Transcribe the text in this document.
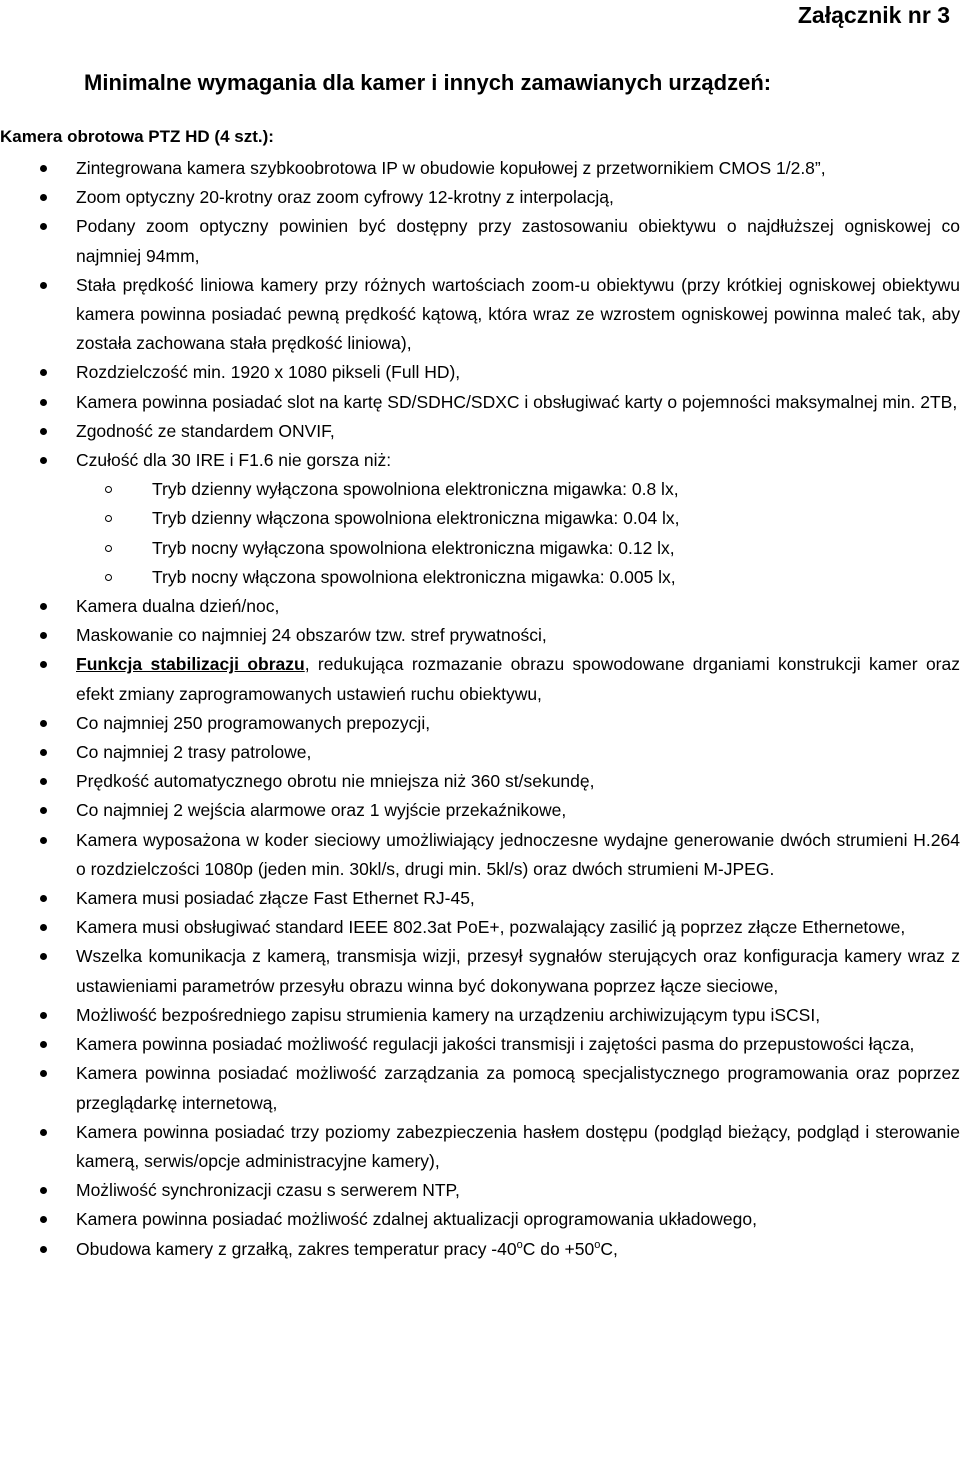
Załącznik nr 3
Minimalne wymagania dla kamer i innych zamawianych urządzeń:
Kamera obrotowa PTZ HD (4 szt.):
Zintegrowana kamera szybkoobrotowa IP w obudowie kopułowej z przetwornikiem CMOS 1/2.8”,
Zoom optyczny 20-krotny oraz zoom cyfrowy 12-krotny z interpolacją,
Podany zoom optyczny powinien być dostępny przy zastosowaniu obiektywu o najdłuższej ogniskowej co najmniej 94mm,
Stała prędkość liniowa kamery przy różnych wartościach zoom-u obiektywu (przy krótkiej ogniskowej obiektywu kamera powinna posiadać pewną prędkość kątową, która wraz ze wzrostem ogniskowej powinna maleć tak, aby została zachowana stała prędkość liniowa),
Rozdzielczość min. 1920 x 1080 pikseli (Full HD),
Kamera powinna posiadać slot na kartę SD/SDHC/SDXC i obsługiwać karty o pojemności maksymalnej min. 2TB,
Zgodność ze standardem ONVIF,
Czułość dla 30 IRE i F1.6 nie gorsza niż:
Tryb dzienny wyłączona spowolniona elektroniczna migawka: 0.8 lx,
Tryb dzienny włączona spowolniona elektroniczna migawka: 0.04 lx,
Tryb nocny wyłączona spowolniona elektroniczna migawka: 0.12 lx,
Tryb nocny włączona spowolniona elektroniczna migawka: 0.005 lx,
Kamera dualna dzień/noc,
Maskowanie co najmniej 24 obszarów tzw. stref prywatności,
Funkcja stabilizacji obrazu, redukująca rozmazanie obrazu spowodowane drganiami konstrukcji kamer oraz efekt zmiany zaprogramowanych ustawień ruchu obiektywu,
Co najmniej 250 programowanych prepozycji,
Co najmniej 2 trasy patrolowe,
Prędkość automatycznego obrotu nie mniejsza niż 360 st/sekundę,
Co najmniej 2 wejścia alarmowe oraz 1 wyjście przekaźnikowe,
Kamera wyposażona w koder sieciowy umożliwiający jednoczesne wydajne generowanie dwóch strumieni H.264 o rozdzielczości 1080p (jeden min. 30kl/s, drugi min. 5kl/s) oraz dwóch strumieni M-JPEG.
Kamera musi posiadać złącze Fast Ethernet RJ-45,
Kamera musi obsługiwać standard IEEE 802.3at PoE+, pozwalający zasilić ją poprzez złącze Ethernetowe,
Wszelka komunikacja z kamerą, transmisja wizji, przesył sygnałów sterujących oraz konfiguracja kamery wraz z ustawieniami parametrów przesyłu obrazu winna być dokonywana poprzez łącze sieciowe,
Możliwość bezpośredniego zapisu strumienia kamery na urządzeniu archiwizującym typu iSCSI,
Kamera powinna posiadać możliwość regulacji jakości transmisji i zajętości pasma do przepustowości łącza,
Kamera powinna posiadać możliwość zarządzania za pomocą specjalistycznego programowania oraz poprzez przeglądarkę internetową,
Kamera powinna posiadać trzy poziomy zabezpieczenia hasłem dostępu (podgląd bieżący, podgląd i sterowanie kamerą, serwis/opcje administracyjne kamery),
Możliwość synchronizacji czasu s serwerem NTP,
Kamera powinna posiadać możliwość zdalnej aktualizacji oprogramowania układowego,
Obudowa kamery z grzałką, zakres temperatur pracy -40$^o$C do $+50^oC$,
